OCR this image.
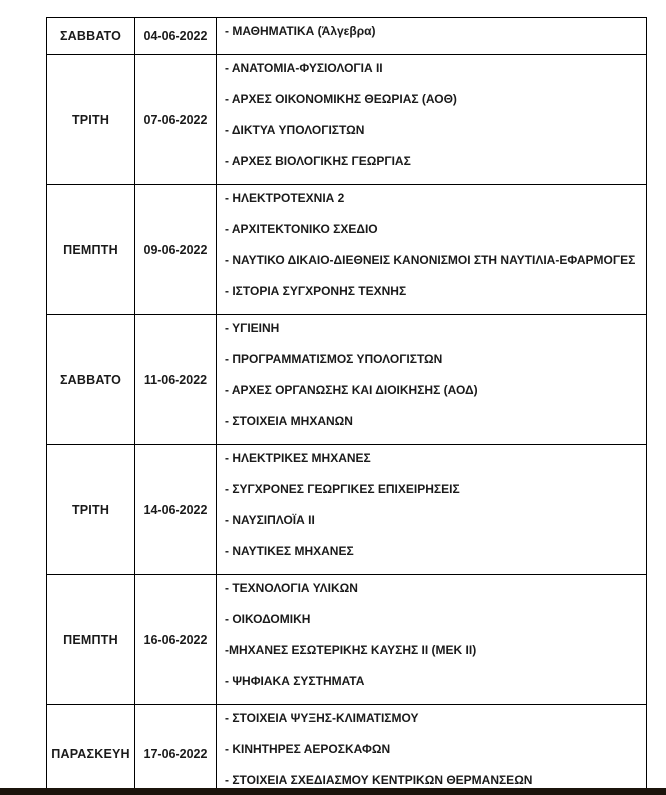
ΣΑΒΒΑΤΟ	04-06-2022	- ΜΑΘΗΜΑΤΙΚΑ (Άλγεβρα)

ΤΡΙΤΗ	07-06-2022	- ΑΝΑΤΟΜΙΑ-ΦΥΣΙΟΛΟΓΙΑ II
- ΑΡΧΕΣ ΟΙΚΟΝΟΜΙΚΗΣ ΘΕΩΡΙΑΣ (ΑΟΘ)
- ΔΙΚΤΥΑ ΥΠΟΛΟΓΙΣΤΩΝ
- ΑΡΧΕΣ ΒΙΟΛΟΓΙΚΗΣ ΓΕΩΡΓΙΑΣ

ΠΕΜΠΤΗ	09-06-2022	- ΗΛΕΚΤΡΟΤΕΧΝΙΑ 2
- ΑΡΧΙΤΕΚΤΟΝΙΚΟ ΣΧΕΔΙΟ
- ΝΑΥΤΙΚΟ ΔΙΚΑΙΟ-ΔΙΕΘΝΕΙΣ ΚΑΝΟΝΙΣΜΟΙ ΣΤΗ ΝΑΥΤΙΛΙΑ-ΕΦΑΡΜΟΓΕΣ
- ΙΣΤΟΡΙΑ ΣΥΓΧΡΟΝΗΣ ΤΕΧΝΗΣ

ΣΑΒΒΑΤΟ	11-06-2022	- ΥΓΙΕΙΝΗ
- ΠΡΟΓΡΑΜΜΑΤΙΣΜΟΣ ΥΠΟΛΟΓΙΣΤΩΝ
- ΑΡΧΕΣ ΟΡΓΑΝΩΣΗΣ ΚΑΙ ΔΙΟΙΚΗΣΗΣ (ΑΟΔ)
- ΣΤΟΙΧΕΙΑ ΜΗΧΑΝΩΝ

ΤΡΙΤΗ	14-06-2022	- ΗΛΕΚΤΡΙΚΕΣ ΜΗΧΑΝΕΣ
- ΣΥΓΧΡΟΝΕΣ ΓΕΩΡΓΙΚΕΣ ΕΠΙΧΕΙΡΗΣΕΙΣ
- ΝΑΥΣΙΠΛΟΪΑ II
- ΝΑΥΤΙΚΕΣ ΜΗΧΑΝΕΣ

ΠΕΜΠΤΗ	16-06-2022	- ΤΕΧΝΟΛΟΓΙΑ ΥΛΙΚΩΝ
- ΟΙΚΟΔΟΜΙΚΗ
-ΜΗΧΑΝΕΣ ΕΣΩΤΕΡΙΚΗΣ ΚΑΥΣΗΣ II (ΜΕΚ II)
- ΨΗΦΙΑΚΑ ΣΥΣΤΗΜΑΤΑ

ΠΑΡΑΣΚΕΥΗ	17-06-2022	- ΣΤΟΙΧΕΙΑ ΨΥΞΗΣ-ΚΛΙΜΑΤΙΣΜΟΥ
- ΚΙΝΗΤΗΡΕΣ ΑΕΡΟΣΚΑΦΩΝ
- ΣΤΟΙΧΕΙΑ ΣΧΕΔΙΑΣΜΟΥ ΚΕΝΤΡΙΚΩΝ ΘΕΡΜΑΝΣΕΩΝ
